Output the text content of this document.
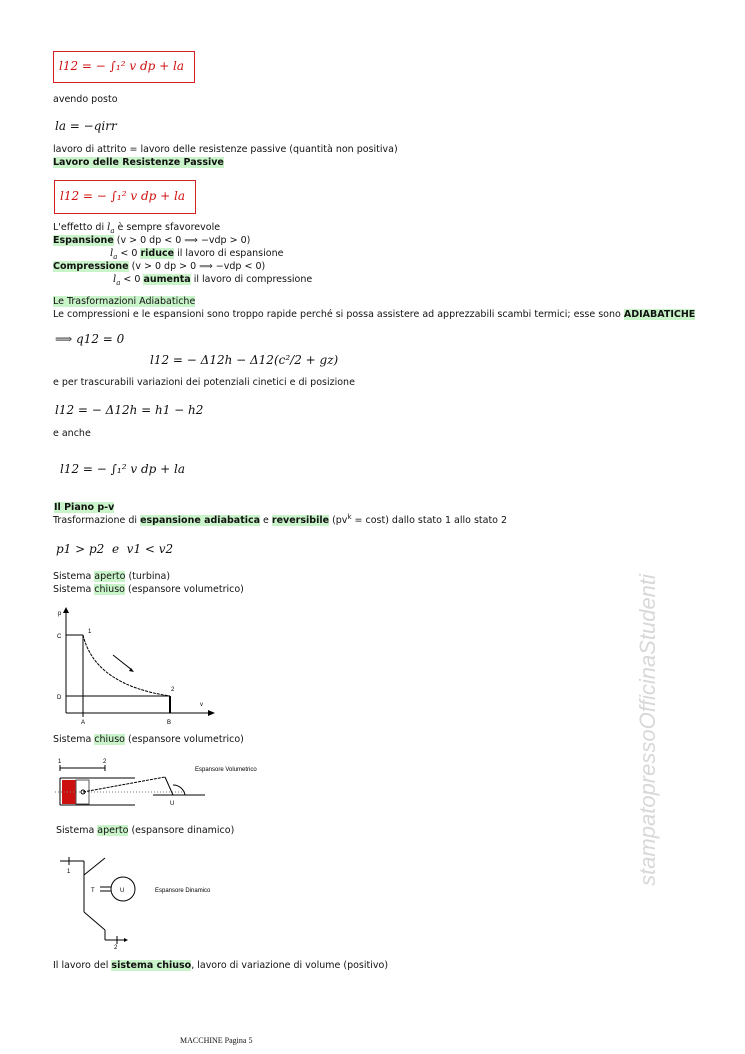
l12 = − ∫₁² v dp + la
avendo posto
la = −qirr
lavoro di attrito = lavoro delle resistenze passive (quantità non positiva)
Lavoro delle Resistenze Passive
l12 = − ∫₁² v dp + la
L'effetto di $l_a$ è sempre sfavorevole
Espansione (v > 0 dp < 0 ⟹ −vdp > 0)
$l_a < 0$ riduce il lavoro di espansione
Compressione (v > 0 dp > 0 ⟹ −vdp < 0)
$l_a < 0$ aumenta il lavoro di compressione
Le Trasformazioni Adiabatiche
Le compressioni e le espansioni sono troppo rapide perché si possa assistere ad apprezzabili scambi termici; esse sono ADIABATICHE
⟹ q12 = 0
l12 = − Δ12h − Δ12(c²/2 + gz)
e per trascurabili variazioni dei potenziali cinetici e di posizione
l12 = − Δ12h = h1 − h2
e anche
l12 = − ∫₁² v dp + la
Il Piano p-v
Trasformazione di espansione adiabatica e reversibile $(pv^k = \cos t)$ dallo stato 1 allo stato 2
p1 > p2  e  v1 < v2
Sistema aperto (turbina)
Sistema chiuso (espansore volumetrico)
p
v
C
D
A	B
1
2
Sistema chiuso (espansore volumetrico)
1	2
U
Espansore Volumetrico
Sistema aperto (espansore dinamico)
1
2
T	U	Espansore Dinamico
Il lavoro del sistema chiuso, lavoro di variazione di volume (positivo)
stampatopressoOfficinaStudenti
MACCHINE Pagina 5
